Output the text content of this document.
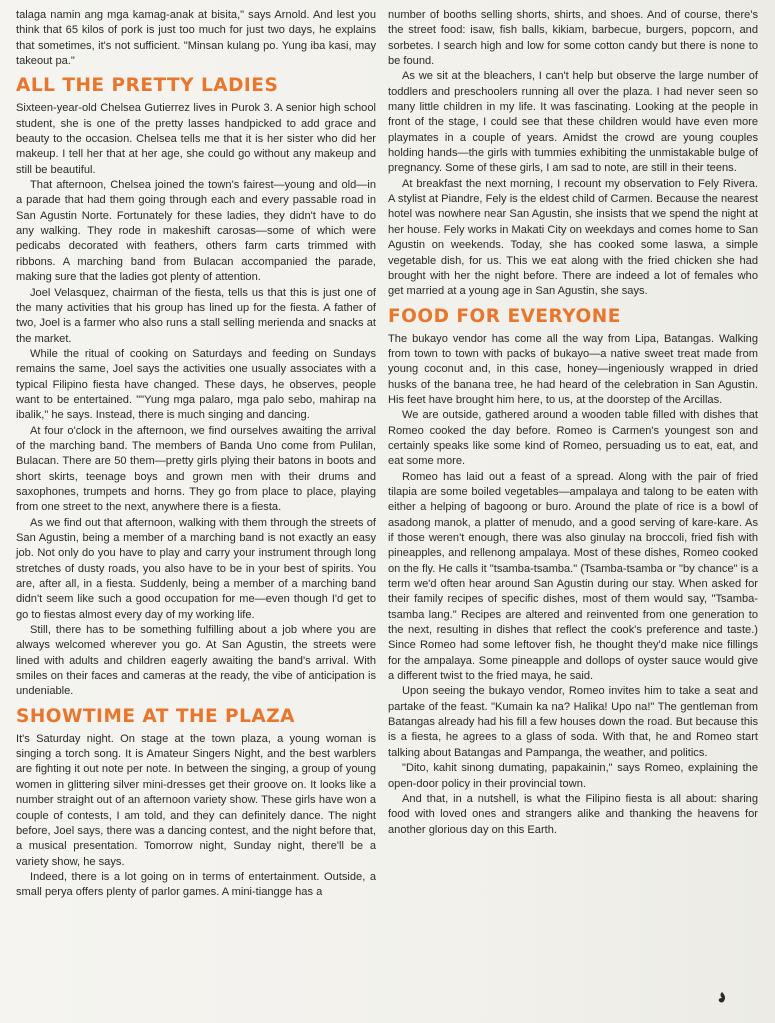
talaga namin ang mga kamag-anak at bisita," says Arnold. And lest you think that 65 kilos of pork is just too much for just two days, he explains that sometimes, it's not sufficient. "Minsan kulang po. Yung iba kasi, may takeout pa."

ALL THE PRETTY LADIES

Sixteen-year-old Chelsea Gutierrez lives in Purok 3. A senior high school student, she is one of the pretty lasses handpicked to add grace and beauty to the occasion. Chelsea tells me that it is her sister who did her makeup. I tell her that at her age, she could go without any makeup and still be beautiful.

That afternoon, Chelsea joined the town's fairest—young and old—in a parade that had them going through each and every passable road in San Agustin Norte. Fortunately for these ladies, they didn't have to do any walking. They rode in makeshift carosas—some of which were pedicabs decorated with feathers, others farm carts trimmed with ribbons. A marching band from Bulacan accompanied the parade, making sure that the ladies got plenty of attention.

Joel Velasquez, chairman of the fiesta, tells us that this is just one of the many activities that his group has lined up for the fiesta. A father of two, Joel is a farmer who also runs a stall selling merienda and snacks at the market.

While the ritual of cooking on Saturdays and feeding on Sundays remains the same, Joel says the activities one usually associates with a typical Filipino fiesta have changed. These days, he observes, people want to be entertained. ""Yung mga palaro, mga palo sebo, mahirap na ibalik," he says. Instead, there is much singing and dancing.

At four o'clock in the afternoon, we find ourselves awaiting the arrival of the marching band. The members of Banda Uno come from Pulilan, Bulacan. There are 50 them—pretty girls plying their batons in boots and short skirts, teenage boys and grown men with their drums and saxophones, trumpets and horns. They go from place to place, playing from one street to the next, anywhere there is a fiesta.

As we find out that afternoon, walking with them through the streets of San Agustin, being a member of a marching band is not exactly an easy job. Not only do you have to play and carry your instrument through long stretches of dusty roads, you also have to be in your best of spirits. You are, after all, in a fiesta. Suddenly, being a member of a marching band didn't seem like such a good occupation for me—even though I'd get to go to fiestas almost every day of my working life.

Still, there has to be something fulfilling about a job where you are always welcomed wherever you go. At San Agustin, the streets were lined with adults and children eagerly awaiting the band's arrival. With smiles on their faces and cameras at the ready, the vibe of anticipation is undeniable.

SHOWTIME AT THE PLAZA

It's Saturday night. On stage at the town plaza, a young woman is singing a torch song. It is Amateur Singers Night, and the best warblers are fighting it out note per note. In between the singing, a group of young women in glittering silver mini-dresses get their groove on. It looks like a number straight out of an afternoon variety show. These girls have won a couple of contests, I am told, and they can definitely dance. The night before, Joel says, there was a dancing contest, and the night before that, a musical presentation. Tomorrow night, Sunday night, there'll be a variety show, he says.

Indeed, there is a lot going on in terms of entertainment. Outside, a small perya offers plenty of parlor games. A mini-tiangge has a

number of booths selling shorts, shirts, and shoes. And of course, there's the street food: isaw, fish balls, kikiam, barbecue, burgers, popcorn, and sorbetes. I search high and low for some cotton candy but there is none to be found.

As we sit at the bleachers, I can't help but observe the large number of toddlers and preschoolers running all over the plaza. I had never seen so many little children in my life. It was fascinating. Looking at the people in front of the stage, I could see that these children would have even more playmates in a couple of years. Amidst the crowd are young couples holding hands—the girls with tummies exhibiting the unmistakable bulge of pregnancy. Some of these girls, I am sad to note, are still in their teens.

At breakfast the next morning, I recount my observation to Fely Rivera. A stylist at Piandre, Fely is the eldest child of Carmen. Because the nearest hotel was nowhere near San Agustin, she insists that we spend the night at her house. Fely works in Makati City on weekdays and comes home to San Agustin on weekends. Today, she has cooked some laswa, a simple vegetable dish, for us. This we eat along with the fried chicken she had brought with her the night before. There are indeed a lot of females who get married at a young age in San Agustin, she says.

FOOD FOR EVERYONE

The bukayo vendor has come all the way from Lipa, Batangas. Walking from town to town with packs of bukayo—a native sweet treat made from young coconut and, in this case, honey—ingeniously wrapped in dried husks of the banana tree, he had heard of the celebration in San Agustin. His feet have brought him here, to us, at the doorstep of the Arcillas.

We are outside, gathered around a wooden table filled with dishes that Romeo cooked the day before. Romeo is Carmen's youngest son and certainly speaks like some kind of Romeo, persuading us to eat, eat, and eat some more.

Romeo has laid out a feast of a spread. Along with the pair of fried tilapia are some boiled vegetables—ampalaya and talong to be eaten with either a helping of bagoong or buro. Around the plate of rice is a bowl of asadong manok, a platter of menudo, and a good serving of kare-kare. As if those weren't enough, there was also ginulay na broccoli, fried fish with pineapples, and rellenong ampalaya. Most of these dishes, Romeo cooked on the fly. He calls it "tsamba-tsamba." (Tsamba-tsamba or "by chance" is a term we'd often hear around San Agustin during our stay. When asked for their family recipes of specific dishes, most of them would say, "Tsamba-tsamba lang." Recipes are altered and reinvented from one generation to the next, resulting in dishes that reflect the cook's preference and taste.) Since Romeo had some leftover fish, he thought they'd make nice fillings for the ampalaya. Some pineapple and dollops of oyster sauce would give a different twist to the fried maya, he said.

Upon seeing the bukayo vendor, Romeo invites him to take a seat and partake of the feast. "Kumain ka na? Halika! Upo na!" The gentleman from Batangas already had his fill a few houses down the road. But because this is a fiesta, he agrees to a glass of soda. With that, he and Romeo start talking about Batangas and Pampanga, the weather, and politics.

"Dito, kahit sinong dumating, papakainin," says Romeo, explaining the open-door policy in their provincial town.

And that, in a nutshell, is what the Filipino fiesta is all about: sharing food with loved ones and strangers alike and thanking the heavens for another glorious day on this Earth.
